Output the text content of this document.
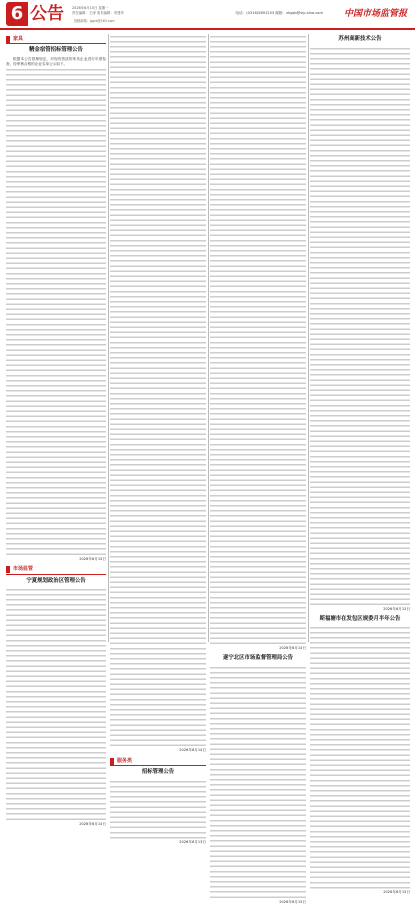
6 公告 2026年6月15日 星期一
责任编辑：王涛 美术编辑：李建华
投稿邮箱：ggzx@163.com
电话：(0316)5891253 邮箱：zhgsb@vip.sina.com 中国市场监管报
家具
精金宿管招标管理公告

根据本公告管理规定，对现有资质的家具企业进行年度检查，经审核合格的企业名单公示如下。

2026年6月15日

市场监管
宁夏规划政治区管理公告

2026年6月14日

2026年6月14日

服务类
招标管理公告

2026年6月13日

2026年6月14日

遂宁北区市场监督管理局公告

2026年6月15日

苏州高新技术公告

2026年6月12日

斯福塘市在发包区规委月半年公告

2026年6月15日
